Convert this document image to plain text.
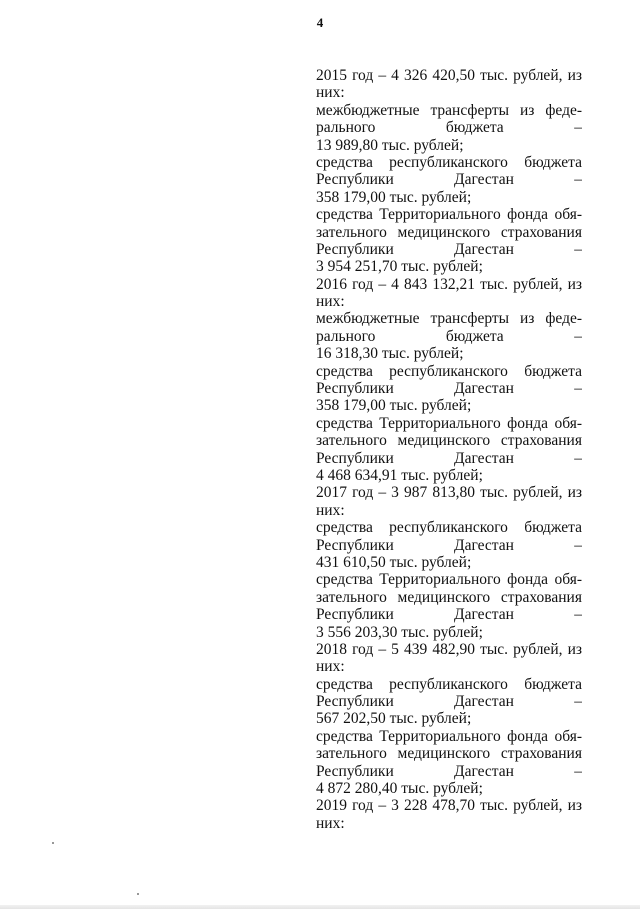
4
2015 год – 4 326 420,50 тыс. рублей, из
них:
межбюджетные трансферты из феде-
рального бюджета –
13 989,80 тыс. рублей;
средства республиканского бюджета
Республики Дагестан –
358 179,00 тыс. рублей;
средства Территориального фонда обя-
зательного медицинского страхования
Республики Дагестан –
3 954 251,70 тыс. рублей;
2016 год – 4 843 132,21 тыс. рублей, из
них:
межбюджетные трансферты из феде-
рального бюджета –
16 318,30 тыс. рублей;
средства республиканского бюджета
Республики Дагестан –
358 179,00 тыс. рублей;
средства Территориального фонда обя-
зательного медицинского страхования
Республики Дагестан –
4 468 634,91 тыс. рублей;
2017 год – 3 987 813,80 тыс. рублей, из
них:
средства республиканского бюджета
Республики Дагестан –
431 610,50 тыс. рублей;
средства Территориального фонда обя-
зательного медицинского страхования
Республики Дагестан –
3 556 203,30 тыс. рублей;
2018 год – 5 439 482,90 тыс. рублей, из
них:
средства республиканского бюджета
Республики Дагестан –
567 202,50 тыс. рублей;
средства Территориального фонда обя-
зательного медицинского страхования
Республики Дагестан –
4 872 280,40 тыс. рублей;
2019 год – 3 228 478,70 тыс. рублей, из
них:
